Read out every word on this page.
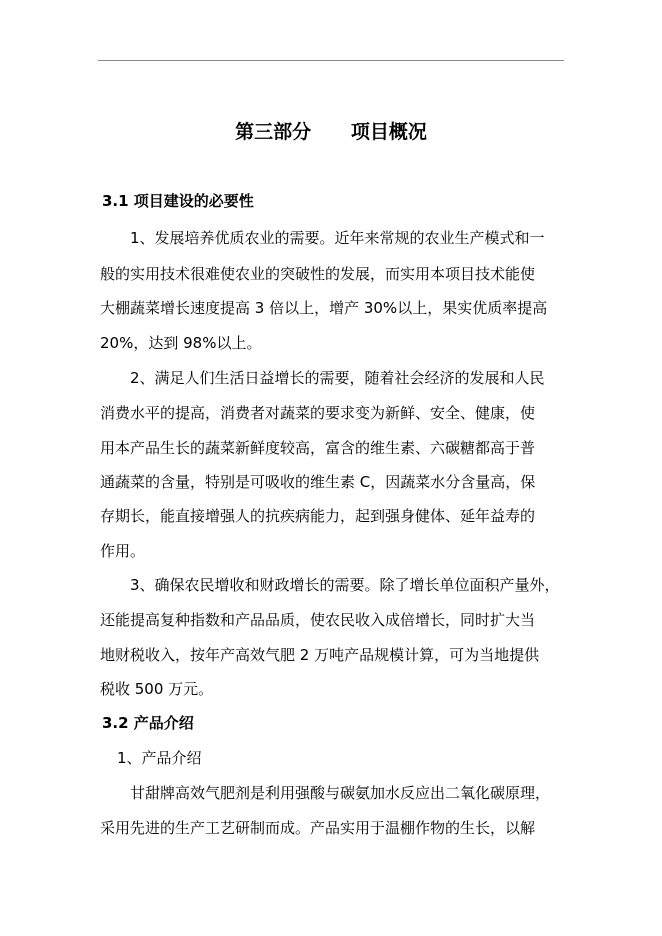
第三部分      项目概况
3.1 项目建设的必要性
1、发展培养优质农业的需要。近年来常规的农业生产模式和一
般的实用技术很难使农业的突破性的发展，而实用本项目技术能使
大棚蔬菜增长速度提高 3 倍以上，增产 30%以上，果实优质率提高
20%，达到 98%以上。
2、满足人们生活日益增长的需要，随着社会经济的发展和人民
消费水平的提高，消费者对蔬菜的要求变为新鲜、安全、健康，使
用本产品生长的蔬菜新鲜度较高，富含的维生素、六碳糖都高于普
通蔬菜的含量，特别是可吸收的维生素 C，因蔬菜水分含量高，保
存期长，能直接增强人的抗疾病能力，起到强身健体、延年益寿的
作用。
3、确保农民增收和财政增长的需要。除了增长单位面积产量外，
还能提高复种指数和产品品质，使农民收入成倍增长，同时扩大当
地财税收入，按年产高效气肥 2 万吨产品规模计算，可为当地提供
税收 500 万元。
3.2 产品介绍
1、产品介绍
甘甜牌高效气肥剂是利用强酸与碳氨加水反应出二氧化碳原理，
采用先进的生产工艺研制而成。产品实用于温棚作物的生长，以解
